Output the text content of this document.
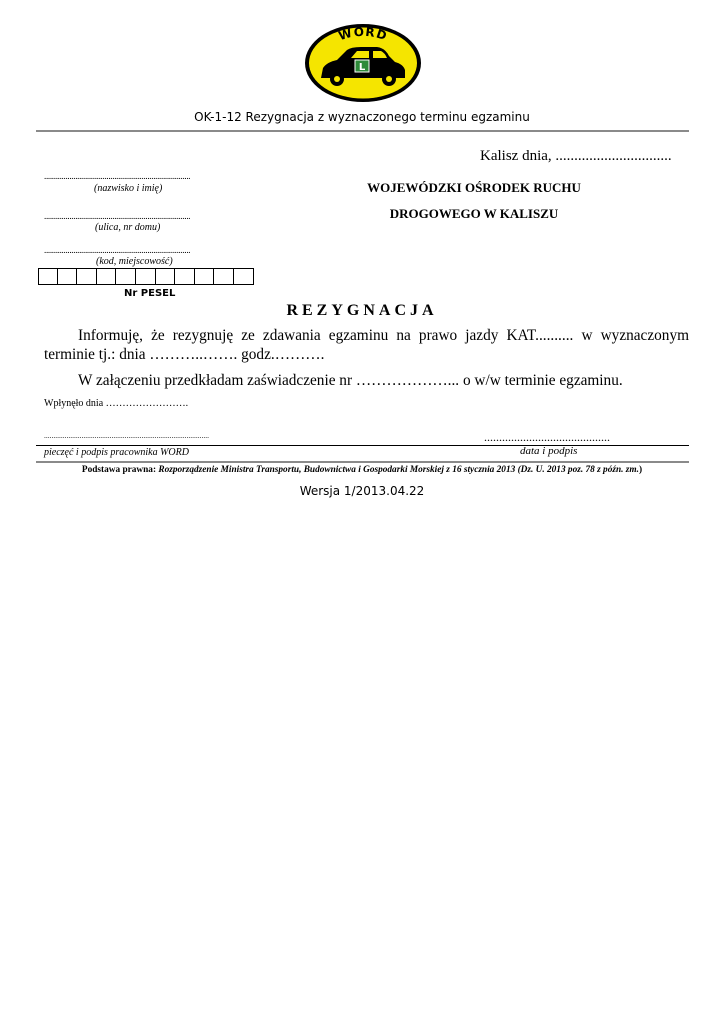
L
WORD
Kalisz
OK-1-12 Rezygnacja z wyznaczonego terminu egzaminu
Kalisz dnia, ...............................
...........................................................................
(nazwisko i imię)
...........................................................................
(ulica, nr domu)
...........................................................................
(kod, miejscowość)
Nr PESEL
WOJEWÓDZKI OŚRODEK RUCHU
DROGOWEGO W KALISZU
REZYGNACJA
Informuję, że rezygnuję ze zdawania egzaminu na prawo jazdy KAT.......... w wyznaczonym terminie tj.: dnia ………..……. godz.……….
W załączeniu przedkładam zaświadczenie nr ………………... o w/w terminie egzaminu.
Wpłynęło dnia …………………….
........................................................................................	..........................................
pieczęć i podpis pracownika WORD	data i podpis
Podstawa prawna: Rozporządzenie Ministra Transportu, Budownictwa i Gospodarki Morskiej z 16 stycznia 2013 (Dz. U. 2013 poz. 78 z późn. zm.)
Wersja 1/2013.04.22
